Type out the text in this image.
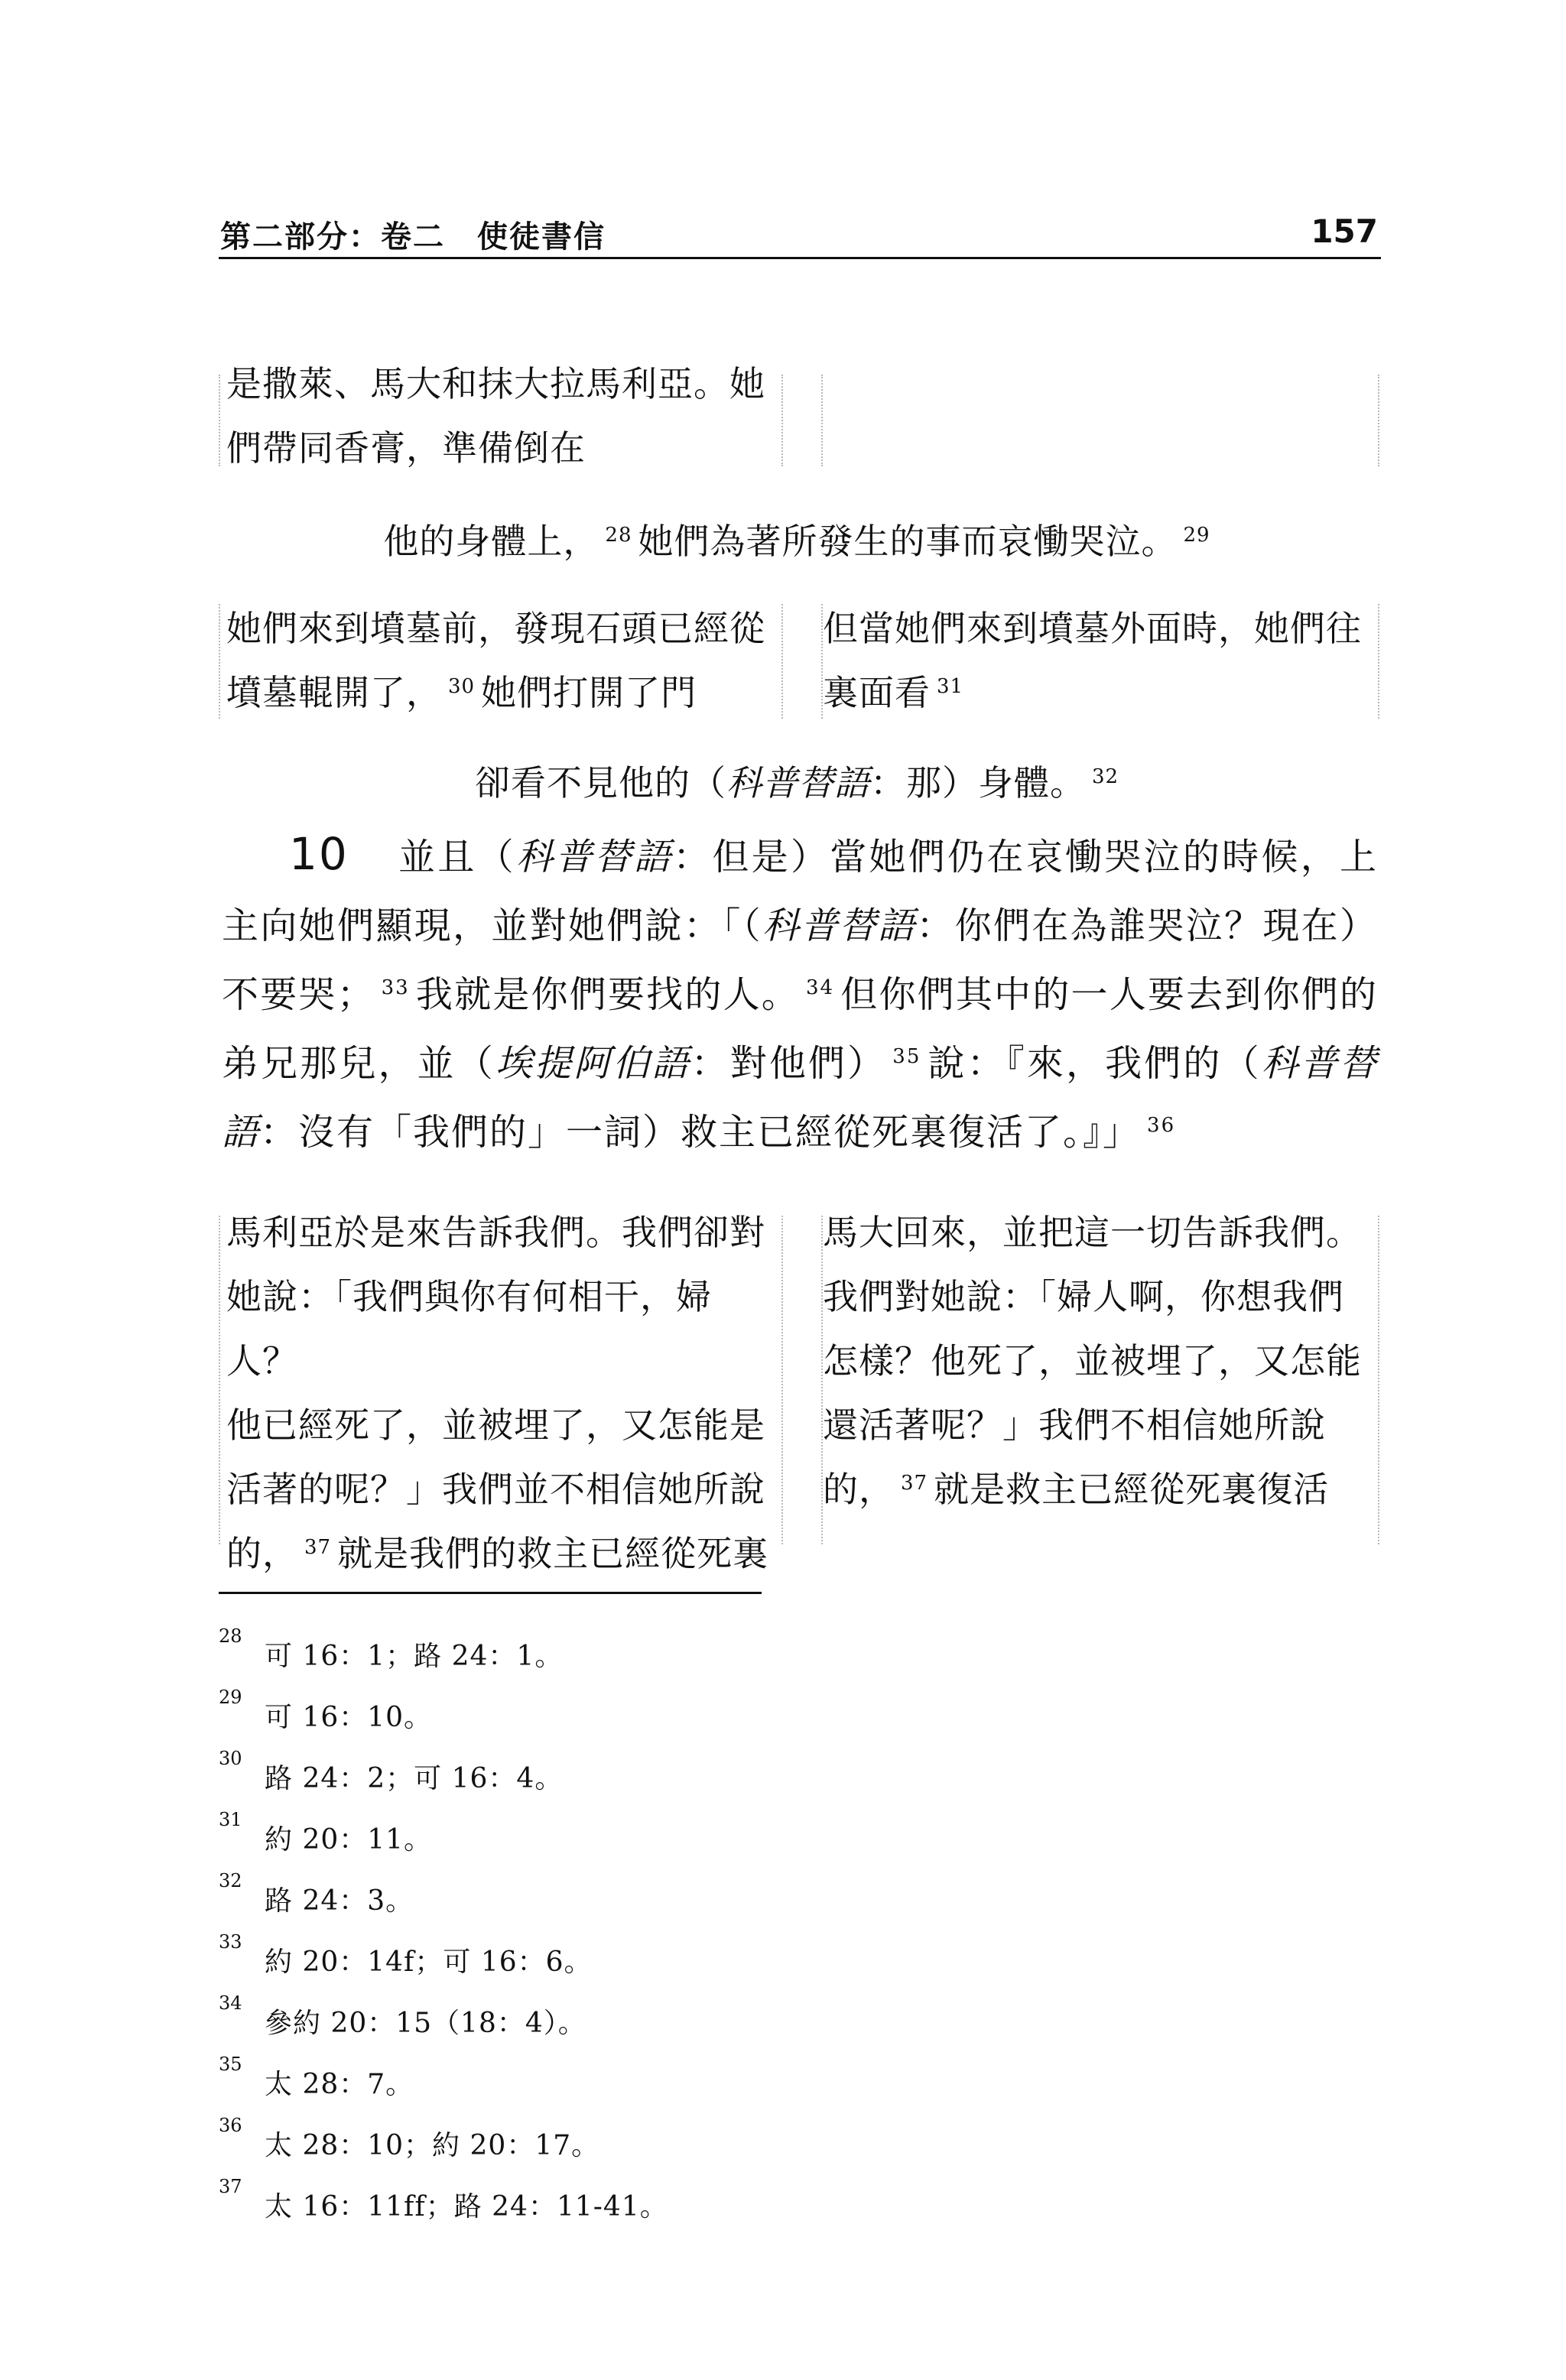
第二部分：卷二　使徒書信	157
是撒萊、馬大和抹大拉馬利亞。她
們帶同香膏，準備倒在
他的身體上， $^{28}$ 她們為著所發生的事而哀慟哭泣。 $^{29}$
她們來到墳墓前，發現石頭已經從
墳墓輥開了， $^{30}$ 她們打開了門
但當她們來到墳墓外面時，她們往
裏面看 $^{31}$
卻看不見他的（科普替語：那）身體。 $^{32}$
10 並且（科普替語：但是）當她們仍在哀慟哭泣的時候，上主向她們顯現，並對她們說：「（科普替語：你們在為誰哭泣？現在）不要哭； $^{33}$ 我就是你們要找的人。 $^{34}$ 但你們其中的一人要去到你們的弟兄那兒，並（埃提阿伯語：對他們） $^{35}$ 說：『來，我們的（科普替語：沒有「我們的」一詞）救主已經從死裏復活了。』」 $^{36}$
馬利亞於是來告訴我們。我們卻對
她說：「我們與你有何相干，婦人？
他已經死了，並被埋了，又怎能是
活著的呢？」我們並不相信她所說
的， $^{37}$ 就是我們的救主已經從死裏
馬大回來，並把這一切告訴我們。
我們對她說：「婦人啊，你想我們
怎樣？他死了，並被埋了，又怎能
還活著呢？」我們不相信她所說
的， $^{37}$ 就是救主已經從死裏復活
28
可 16：1；路 24：1。
29
可 16：10。
30
路 24：2；可 16：4。
31
約 20：11。
32
路 24：3。
33
約 20：14f；可 16：6。
34
參約 20：15（18：4）。
35
太 28：7。
36
太 28：10；約 20：17。
37
太 16：11ff；路 24：11-41。
